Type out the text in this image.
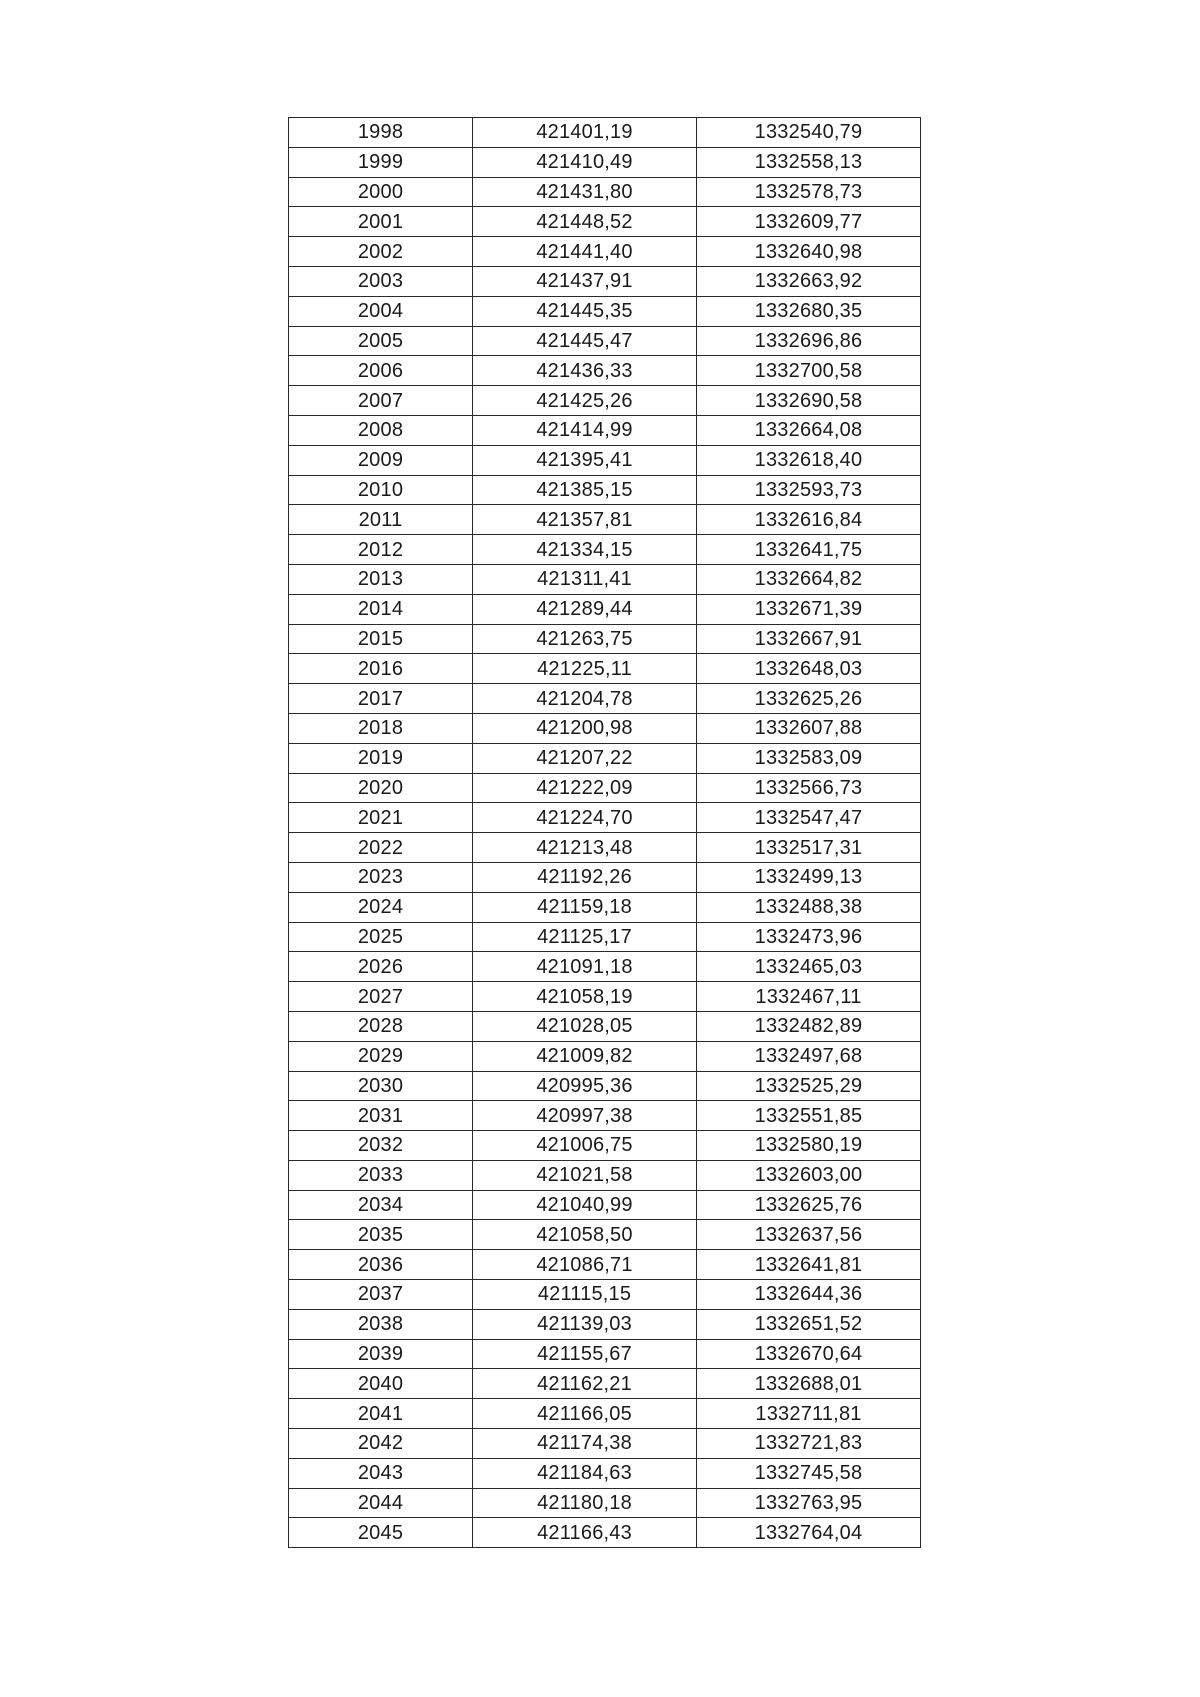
1998	421401,19	1332540,79
1999	421410,49	1332558,13
2000	421431,80	1332578,73
2001	421448,52	1332609,77
2002	421441,40	1332640,98
2003	421437,91	1332663,92
2004	421445,35	1332680,35
2005	421445,47	1332696,86
2006	421436,33	1332700,58
2007	421425,26	1332690,58
2008	421414,99	1332664,08
2009	421395,41	1332618,40
2010	421385,15	1332593,73
2011	421357,81	1332616,84
2012	421334,15	1332641,75
2013	421311,41	1332664,82
2014	421289,44	1332671,39
2015	421263,75	1332667,91
2016	421225,11	1332648,03
2017	421204,78	1332625,26
2018	421200,98	1332607,88
2019	421207,22	1332583,09
2020	421222,09	1332566,73
2021	421224,70	1332547,47
2022	421213,48	1332517,31
2023	421192,26	1332499,13
2024	421159,18	1332488,38
2025	421125,17	1332473,96
2026	421091,18	1332465,03
2027	421058,19	1332467,11
2028	421028,05	1332482,89
2029	421009,82	1332497,68
2030	420995,36	1332525,29
2031	420997,38	1332551,85
2032	421006,75	1332580,19
2033	421021,58	1332603,00
2034	421040,99	1332625,76
2035	421058,50	1332637,56
2036	421086,71	1332641,81
2037	421115,15	1332644,36
2038	421139,03	1332651,52
2039	421155,67	1332670,64
2040	421162,21	1332688,01
2041	421166,05	1332711,81
2042	421174,38	1332721,83
2043	421184,63	1332745,58
2044	421180,18	1332763,95
2045	421166,43	1332764,04
